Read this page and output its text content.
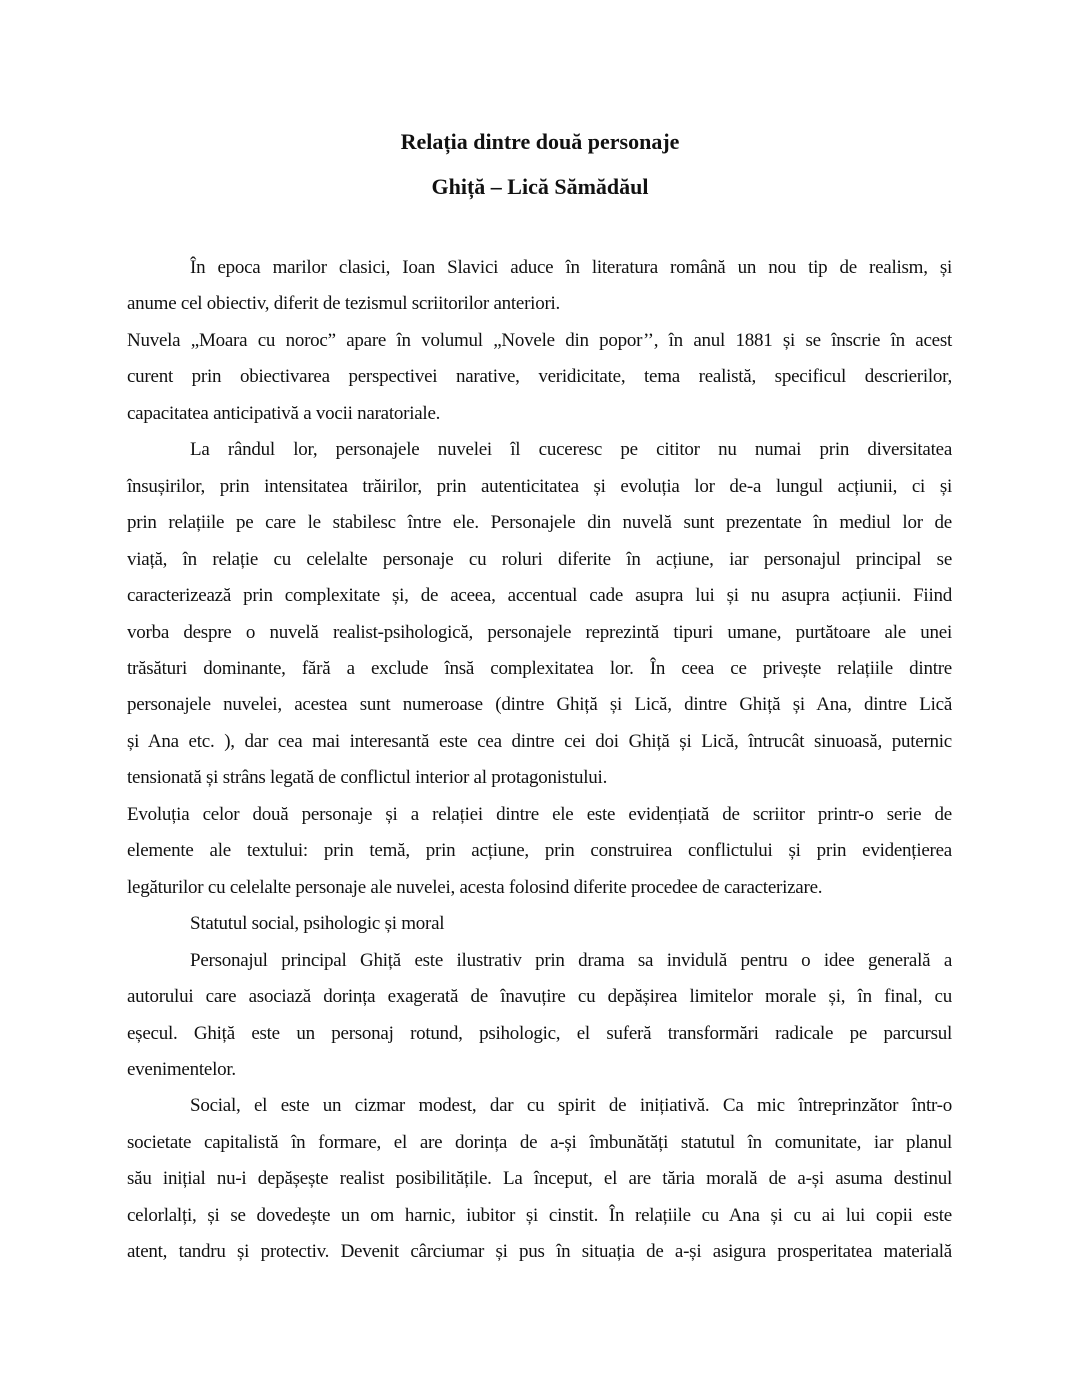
Relația dintre două personaje
Ghiță – Lică Sămădăul
În epoca marilor clasici, Ioan Slavici aduce în literatura română un nou tip de realism, și
anume cel obiectiv, diferit de tezismul scriitorilor anteriori.
Nuvela „Moara cu noroc” apare în volumul „Novele din popor’’, în anul 1881 și se înscrie în acest
curent prin obiectivarea perspectivei narative, veridicitate, tema realistă, specificul descrierilor,
capacitatea anticipativă a vocii naratoriale.
La rândul lor, personajele nuvelei îl cuceresc pe cititor nu numai prin diversitatea
însușirilor, prin intensitatea trăirilor, prin autenticitatea și evoluția lor de-a lungul acțiunii, ci și
prin relațiile pe care le stabilesc între ele. Personajele din nuvelă sunt prezentate în mediul lor de
viață, în relație cu celelalte personaje cu roluri diferite în acțiune, iar personajul principal se
caracterizează prin complexitate și, de aceea, accentual cade asupra lui și nu asupra acțiunii. Fiind
vorba despre o nuvelă realist-psihologică, personajele reprezintă tipuri umane, purtătoare ale unei
trăsături dominante, fără a exclude însă complexitatea lor. În ceea ce privește relațiile dintre
personajele nuvelei, acestea sunt numeroase (dintre Ghiță și Lică, dintre Ghiță și Ana, dintre Lică
și Ana etc. ), dar cea mai interesantă este cea dintre cei doi Ghiță și Lică, întrucât sinuoasă, puternic
tensionată și strâns legată de conflictul interior al protagonistului.
Evoluția celor două personaje și a relației dintre ele este evidențiată de scriitor printr-o serie de
elemente ale textului: prin temă, prin acțiune, prin construirea conflictului și prin evidențierea
legăturilor cu celelalte personaje ale nuvelei, acesta folosind diferite procedee de caracterizare.
Statutul social, psihologic și moral
Personajul principal Ghiță este ilustrativ prin drama sa invidulă pentru o idee generală a
autorului care asociază dorința exagerată de înavuțire cu depășirea limitelor morale și, în final, cu
eșecul. Ghiță este un personaj rotund, psihologic, el suferă transformări radicale pe parcursul
evenimentelor.
Social, el este un cizmar modest, dar cu spirit de inițiativă. Ca mic întreprinzător într-o
societate capitalistă în formare, el are dorința de a-și îmbunătăți statutul în comunitate, iar planul
său inițial nu-i depășește realist posibilitățile. La început, el are tăria morală de a-și asuma destinul
celorlalți, și se dovedește un om harnic, iubitor și cinstit. În relațiile cu Ana și cu ai lui copii este
atent, tandru și protectiv. Devenit cârciumar și pus în situația de a-și asigura prosperitatea materială
